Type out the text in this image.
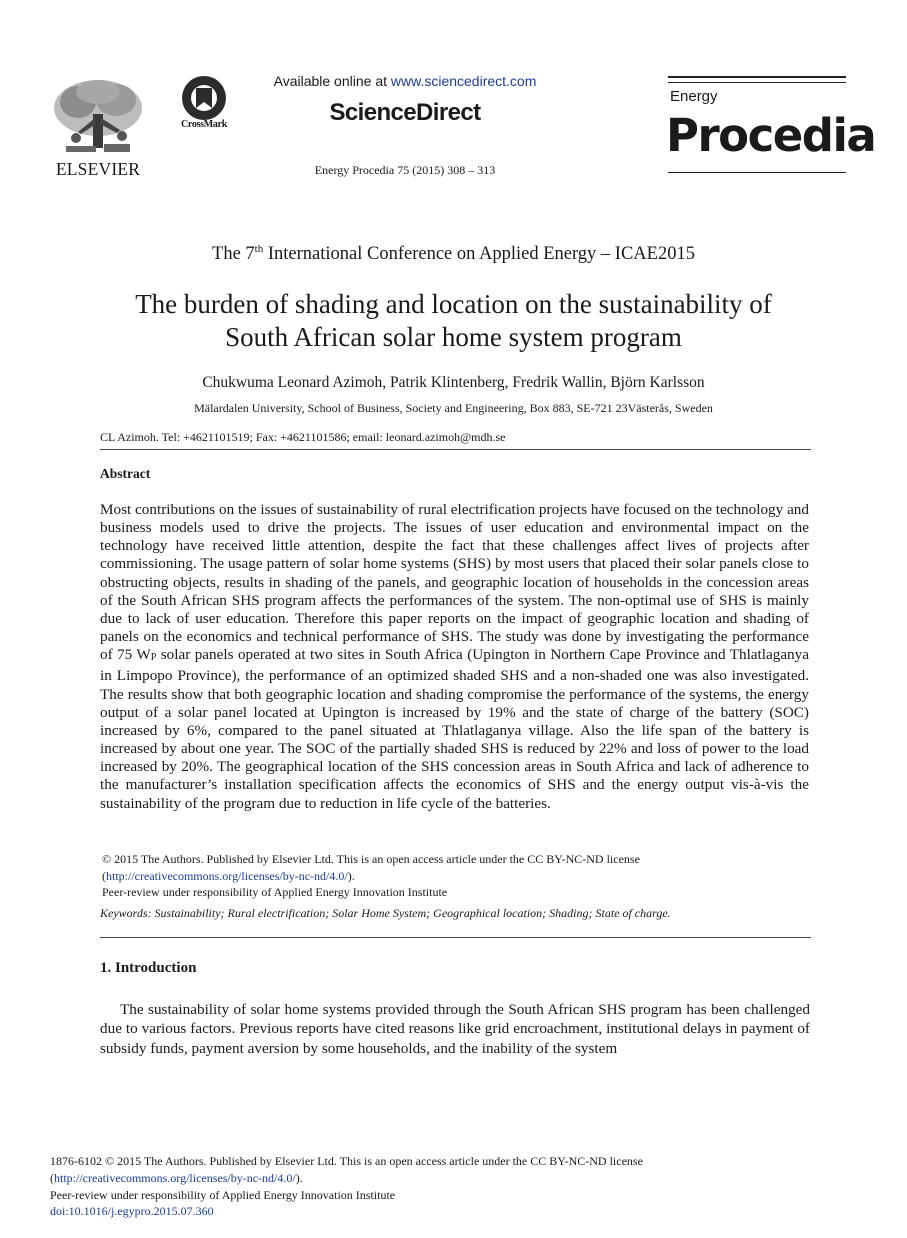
ELSEVIER
CrossMark
Available online at www.sciencedirect.com
ScienceDirect
Energy Procedia 75 (2015) 308 – 313
Energy
Procedia
The 7th International Conference on Applied Energy – ICAE2015
The burden of shading and location on the sustainability of
South African solar home system program
Chukwuma Leonard Azimoh, Patrik Klintenberg, Fredrik Wallin, Björn Karlsson
Mälardalen University, School of Business, Society and Engineering, Box 883, SE-721 23Västerås, Sweden
CL Azimoh. Tel: +4621101519; Fax: +4621101586; email: leonard.azimoh@mdh.se
Abstract
Most contributions on the issues of sustainability of rural electrification projects have focused on the technology and business models used to drive the projects. The issues of user education and environmental impact on the technology have received little attention, despite the fact that these challenges affect lives of projects after commissioning. The usage pattern of solar home systems (SHS) by most users that placed their solar panels close to obstructing objects, results in shading of the panels, and geographic location of households in the concession areas of the South African SHS program affects the performances of the system. The non-optimal use of SHS is mainly due to lack of user education. Therefore this paper reports on the impact of geographic location and shading of panels on the economics and technical performance of SHS. The study was done by investigating the performance of 75 $W_P$ solar panels operated at two sites in South Africa (Upington in Northern Cape Province and Thlatlaganya in Limpopo Province), the performance of an optimized shaded SHS and a non-shaded one was also investigated. The results show that both geographic location and shading compromise the performance of the systems, the energy output of a solar panel located at Upington is increased by 19% and the state of charge of the battery (SOC) increased by 6%, compared to the panel situated at Thlatlaganya village. Also the life span of the battery is increased by about one year. The SOC of the partially shaded SHS is reduced by 22% and loss of power to the load increased by 20%. The geographical location of the SHS concession areas in South Africa and lack of adherence to the manufacturer’s installation specification affects the economics of SHS and the energy output vis-à-vis the sustainability of the program due to reduction in life cycle of the batteries.
© 2015 The Authors. Published by Elsevier Ltd. This is an open access article under the CC BY-NC-ND license
(http://creativecommons.org/licenses/by-nc-nd/4.0/).
Peer-review under responsibility of Applied Energy Innovation Institute
Keywords: Sustainability; Rural electrification; Solar Home System; Geographical location; Shading; State of charge.
1. Introduction
The sustainability of solar home systems provided through the South African SHS program has been challenged due to various factors. Previous reports have cited reasons like grid encroachment, institutional delays in payment of subsidy funds, payment aversion by some households, and the inability of the system
1876-6102 © 2015 The Authors. Published by Elsevier Ltd. This is an open access article under the CC BY-NC-ND license
(http://creativecommons.org/licenses/by-nc-nd/4.0/).
Peer-review under responsibility of Applied Energy Innovation Institute
doi:10.1016/j.egypro.2015.07.360
